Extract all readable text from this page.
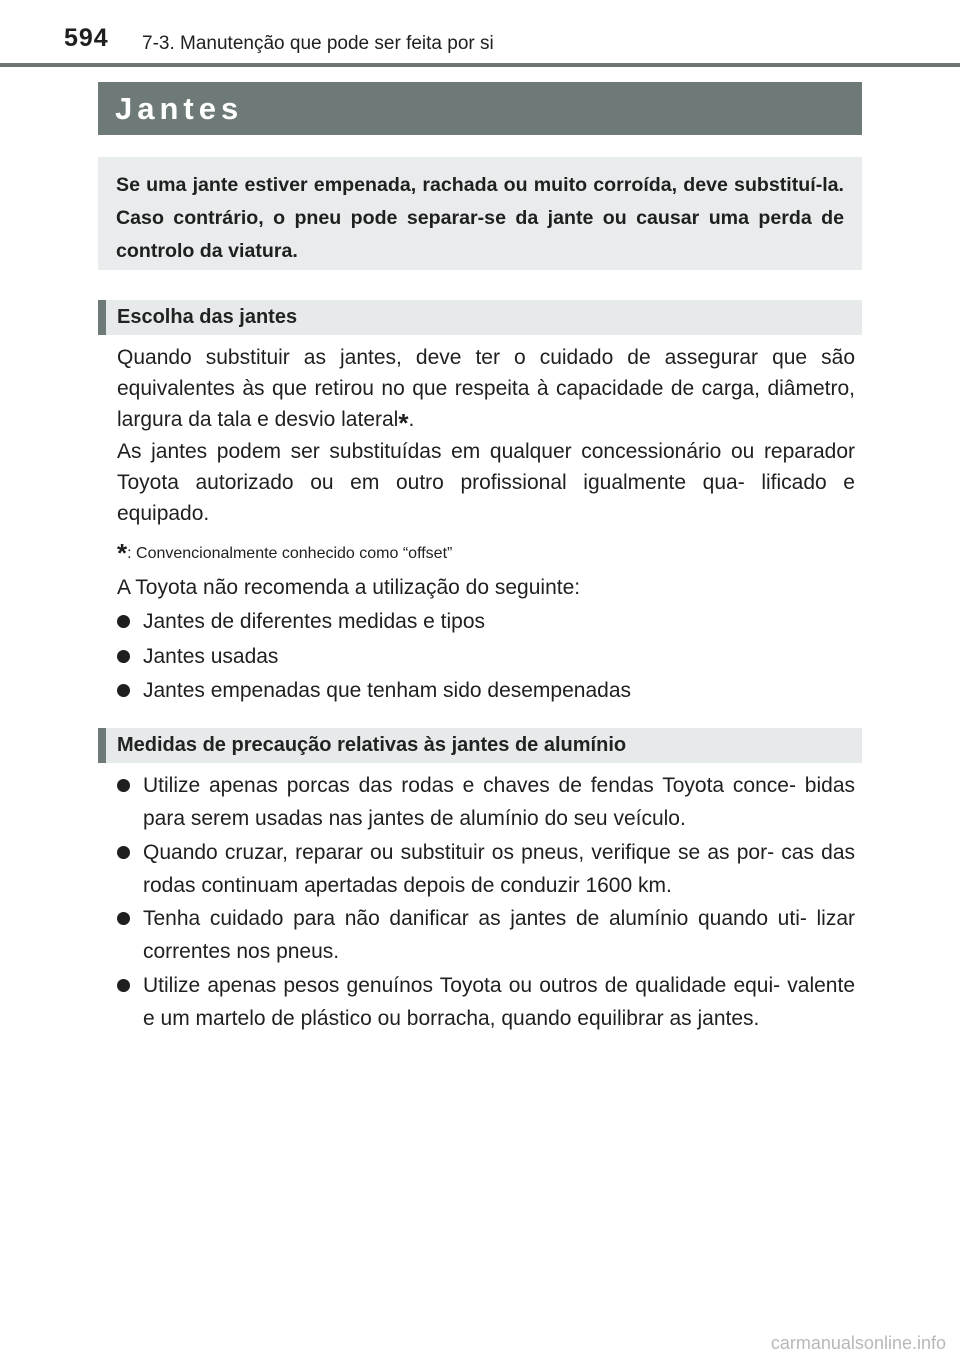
594 7-3. Manutenção que pode ser feita por si
Jantes
Se uma jante estiver empenada, rachada ou muito corroída, deve substituí-la. Caso contrário, o pneu pode separar-se da jante ou causar uma perda de controlo da viatura.
Escolha das jantes
Quando substituir as jantes, deve ter o cuidado de assegurar que são equivalentes às que retirou no que respeita à capacidade de carga, diâmetro, largura da tala e desvio lateral*.
As jantes podem ser substituídas em qualquer concessionário ou reparador Toyota autorizado ou em outro profissional igualmente qua- lificado e equipado.
*: Convencionalmente conhecido como “offset”
A Toyota não recomenda a utilização do seguinte:
Jantes de diferentes medidas e tipos
Jantes usadas
Jantes empenadas que tenham sido desempenadas
Medidas de precaução relativas às jantes de alumínio
Utilize apenas porcas das rodas e chaves de fendas Toyota conce- bidas para serem usadas nas jantes de alumínio do seu veículo.
Quando cruzar, reparar ou substituir os pneus, verifique se as por- cas das rodas continuam apertadas depois de conduzir 1600 km.
Tenha cuidado para não danificar as jantes de alumínio quando uti- lizar correntes nos pneus.
Utilize apenas pesos genuínos Toyota ou outros de qualidade equi- valente e um martelo de plástico ou borracha, quando equilibrar as jantes.
carmanualsonline.info
